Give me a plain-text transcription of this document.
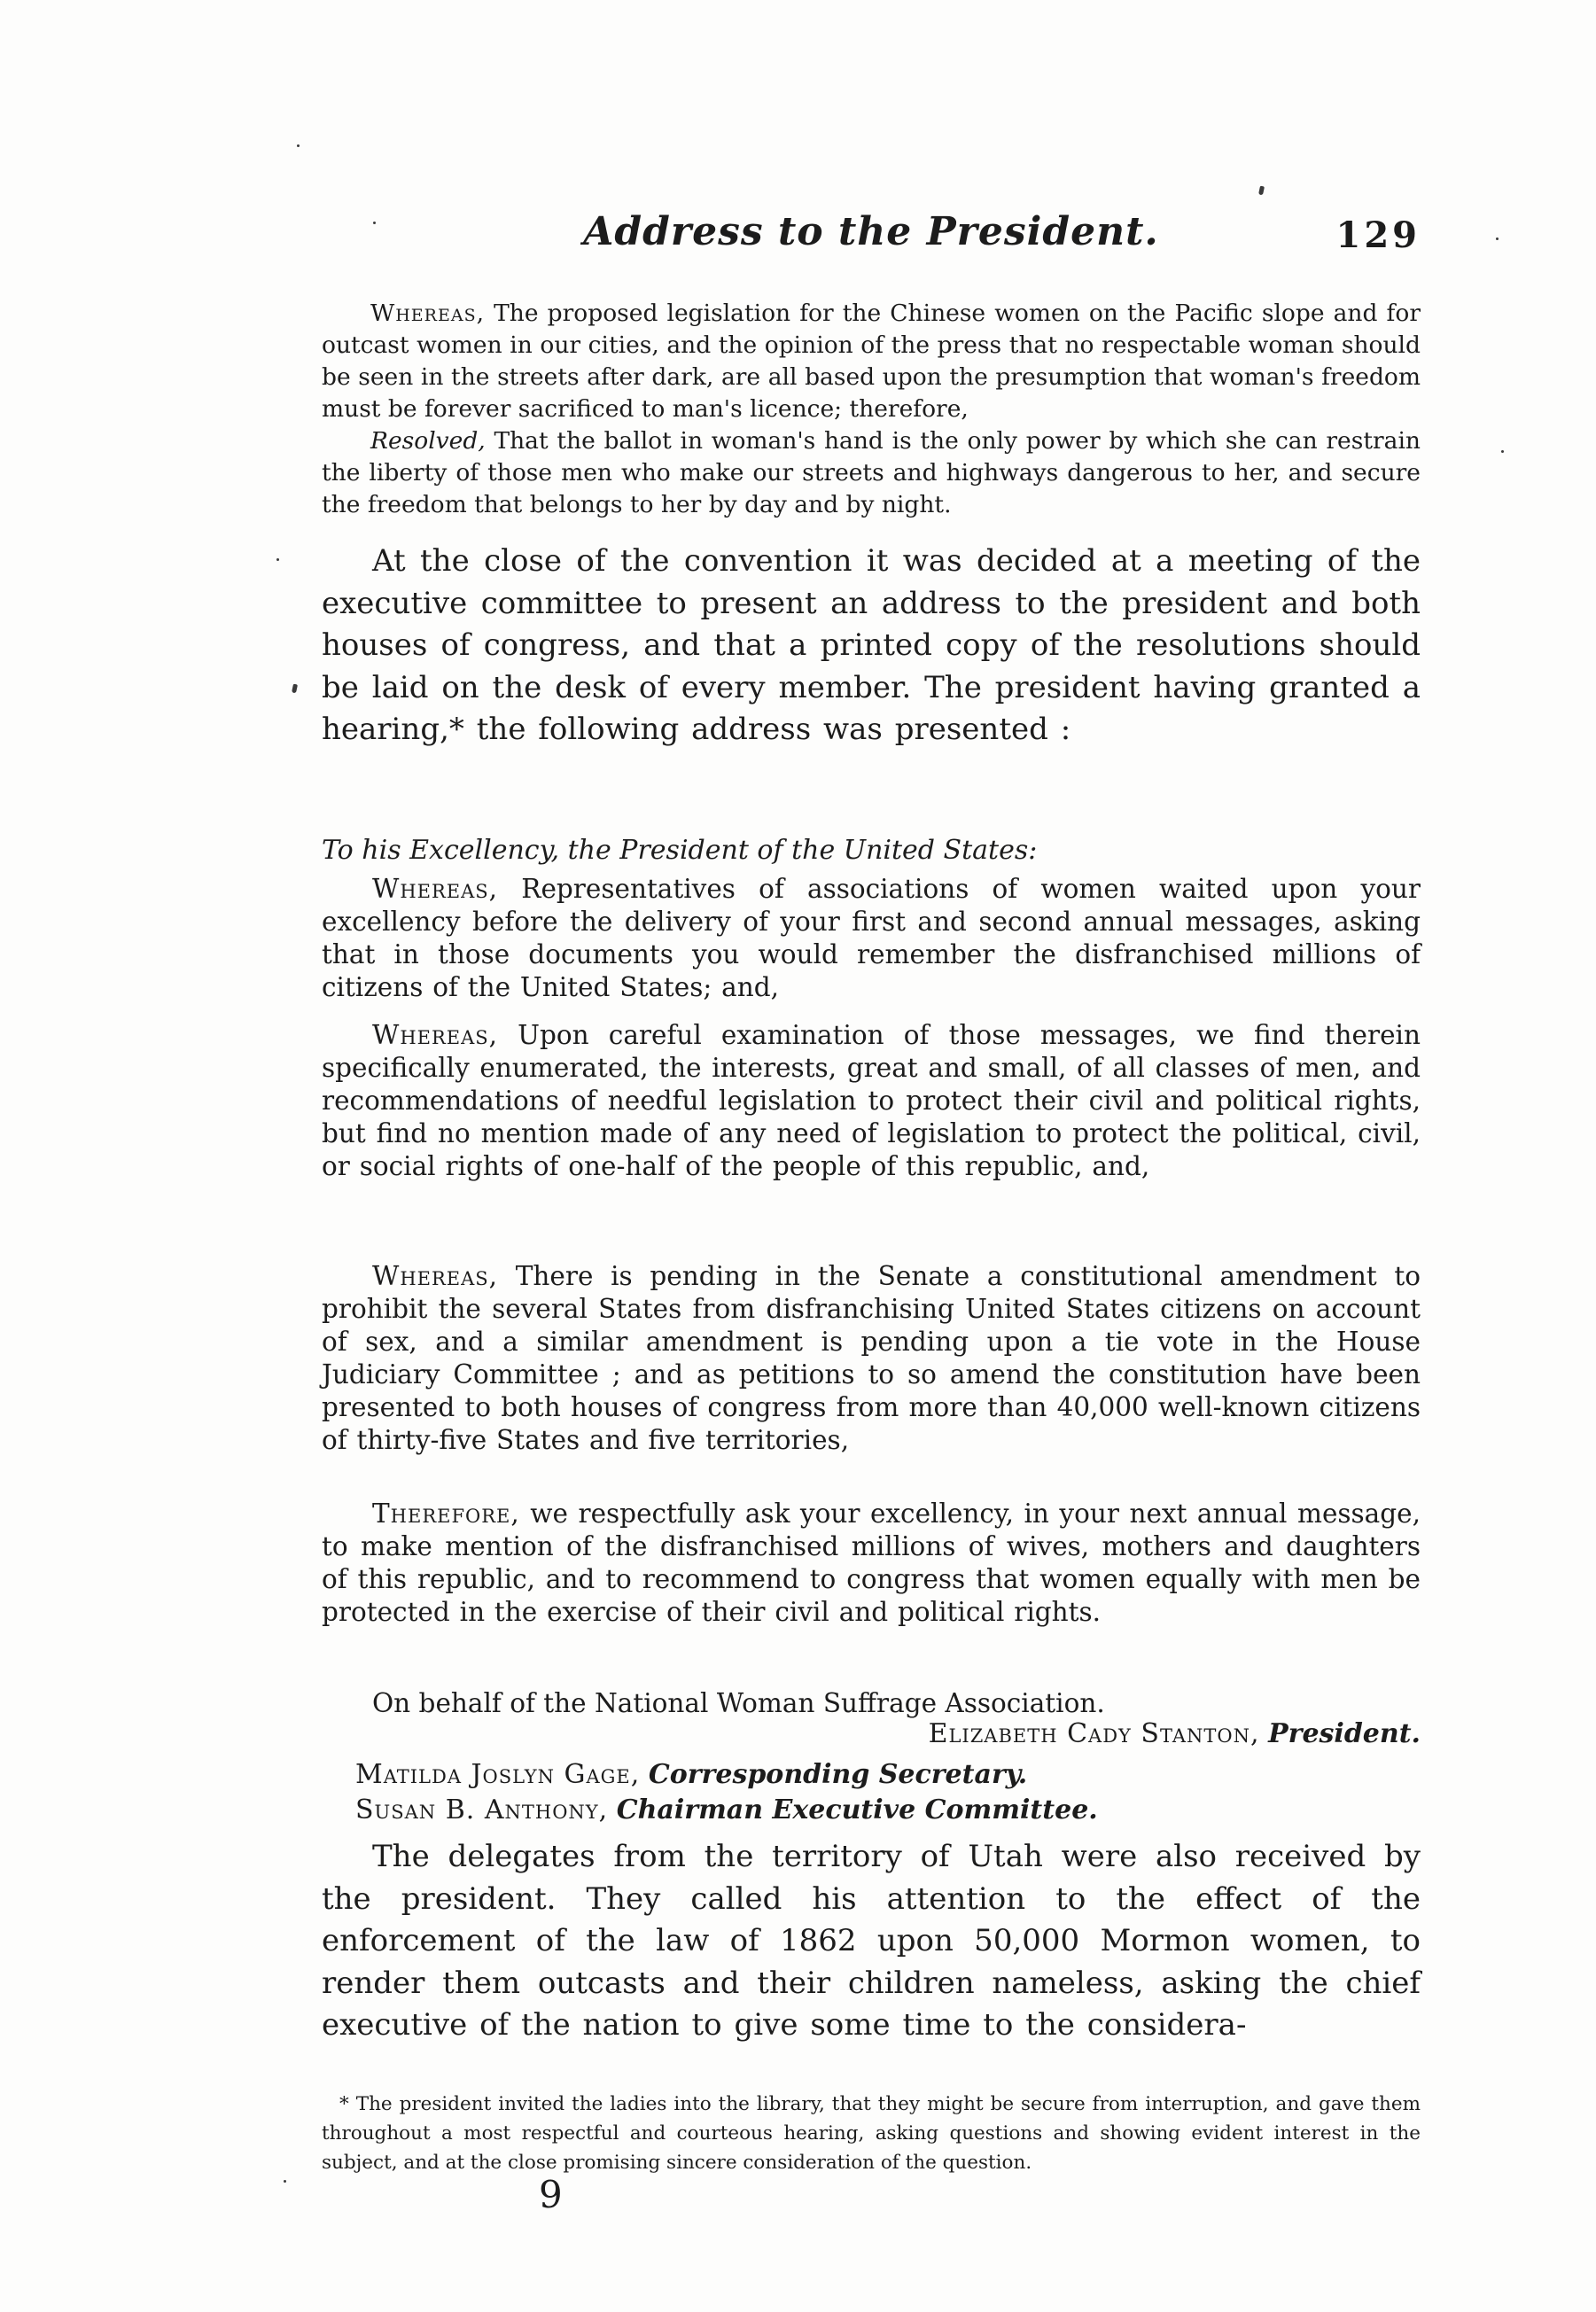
Address to the President.	129

Whereas, The proposed legislation for the Chinese women on the Pacific slope and for outcast women in our cities, and the opinion of the press that no respectable woman should be seen in the streets after dark, are all based upon the presumption that woman's freedom must be forever sacrificed to man's licence; therefore,

Resolved, That the ballot in woman's hand is the only power by which she can restrain the liberty of those men who make our streets and highways dangerous to her, and secure the freedom that belongs to her by day and by night.

At the close of the convention it was decided at a meeting of the executive committee to present an address to the president and both houses of congress, and that a printed copy of the resolutions should be laid on the desk of every member. The president having granted a hearing,* the following address was presented :

To his Excellency, the President of the United States:

Whereas, Representatives of associations of women waited upon your excellency before the delivery of your first and second annual messages, asking that in those documents you would remember the disfranchised millions of citizens of the United States; and,

Whereas, Upon careful examination of those messages, we find therein specifically enumerated, the interests, great and small, of all classes of men, and recommendations of needful legislation to protect their civil and political rights, but find no mention made of any need of legislation to protect the political, civil, or social rights of one-half of the people of this republic, and,

Whereas, There is pending in the Senate a constitutional amendment to prohibit the several States from disfranchising United States citizens on account of sex, and a similar amendment is pending upon a tie vote in the House Judiciary Committee ; and as petitions to so amend the constitution have been presented to both houses of congress from more than 40,000 well-known citizens of thirty-five States and five territories,

Therefore, we respectfully ask your excellency, in your next annual message, to make mention of the disfranchised millions of wives, mothers and daughters of this republic, and to recommend to congress that women equally with men be protected in the exercise of their civil and political rights.

On behalf of the National Woman Suffrage Association.

Elizabeth Cady Stanton, President.
Matilda Joslyn Gage, Corresponding Secretary.
Susan B. Anthony, Chairman Executive Committee.

The delegates from the territory of Utah were also received by the president. They called his attention to the effect of the enforcement of the law of 1862 upon 50,000 Mormon women, to render them outcasts and their children nameless, asking the chief executive of the nation to give some time to the considera-

* The president invited the ladies into the library, that they might be secure from interruption, and gave them throughout a most respectful and courteous hearing, asking questions and showing evident interest in the subject, and at the close promising sincere consideration of the question.

9
